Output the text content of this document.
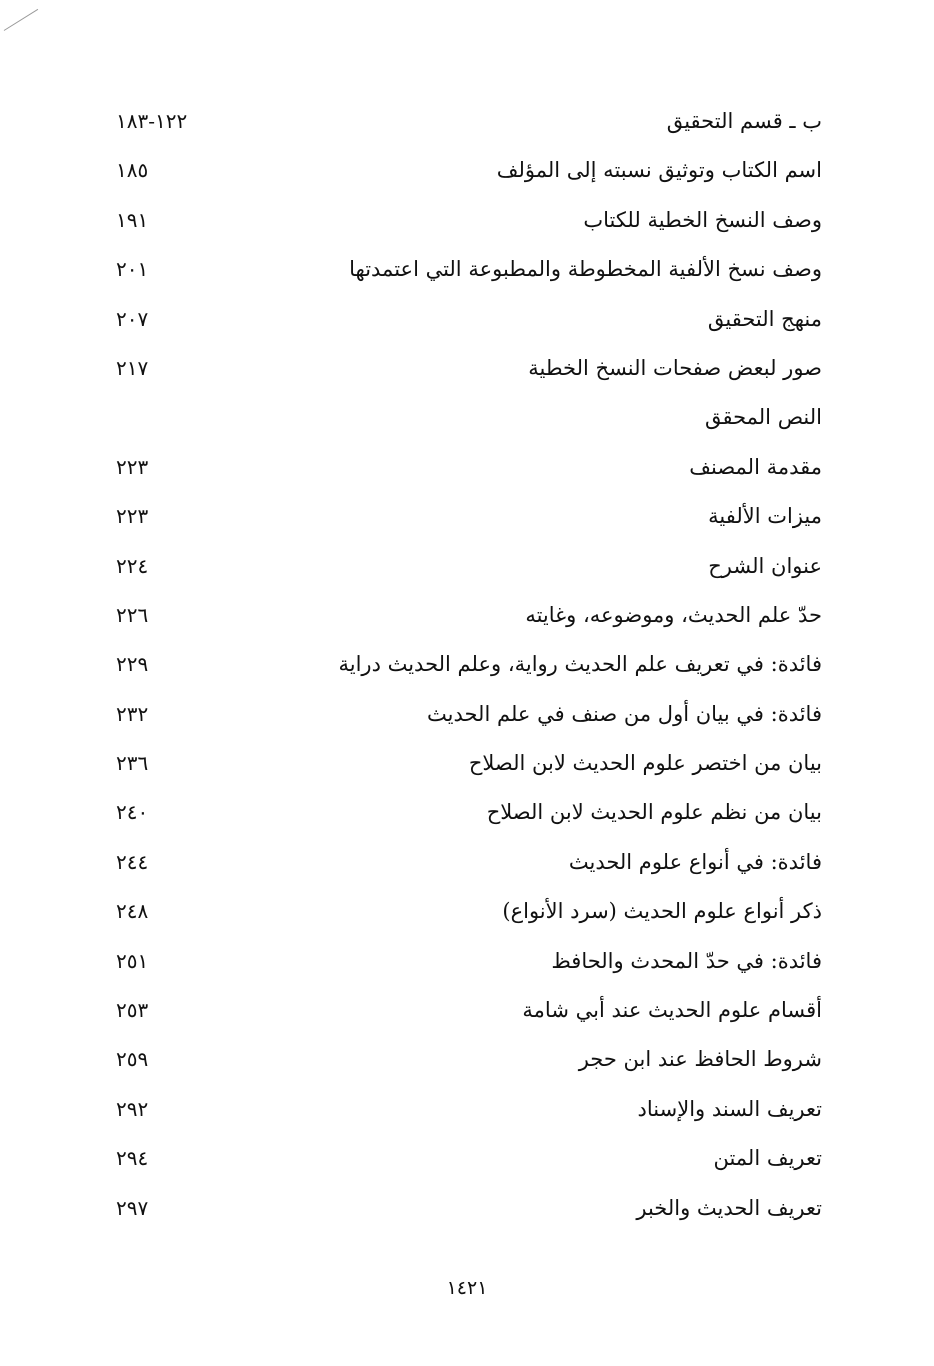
ب ـ قسم التحقيق
١٢٢-١٨٣
اسم الكتاب وتوثيق نسبته إلى المؤلف
١٨٥
وصف النسخ الخطية للكتاب
١٩١
وصف نسخ الألفية المخطوطة والمطبوعة التي اعتمدتها
٢٠١
منهج التحقيق
٢٠٧
صور لبعض صفحات النسخ الخطية
٢١٧
النص المحقق
مقدمة المصنف
٢٢٣
ميزات الألفية
٢٢٣
عنوان الشرح
٢٢٤
حدّ علم الحديث، وموضوعه، وغايته
٢٢٦
فائدة: في تعريف علم الحديث رواية، وعلم الحديث دراية
٢٢٩
فائدة: في بيان أول من صنف في علم الحديث
٢٣٢
بيان من اختصر علوم الحديث لابن الصلاح
٢٣٦
بيان من نظم علوم الحديث لابن الصلاح
٢٤٠
فائدة: في أنواع علوم الحديث
٢٤٤
ذكر أنواع علوم الحديث (سرد الأنواع)
٢٤٨
فائدة: في حدّ المحدث والحافظ
٢٥١
أقسام علوم الحديث عند أبي شامة
٢٥٣
شروط الحافظ عند ابن حجر
٢٥٩
تعريف السند والإسناد
٢٩٢
تعريف المتن
٢٩٤
تعريف الحديث والخبر
٢٩٧
١٤٢١
